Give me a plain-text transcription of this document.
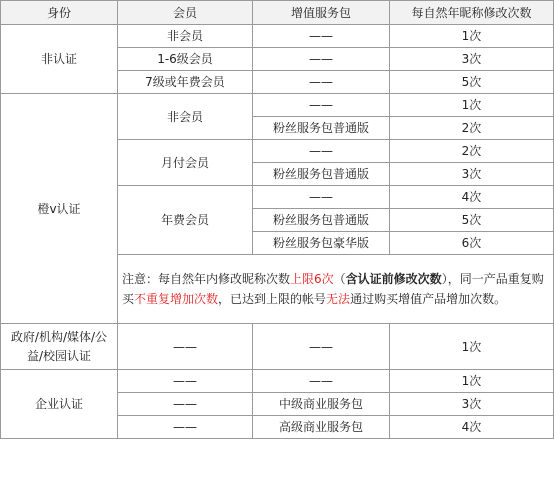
身份	会员	增值服务包	每自然年昵称修改次数
非认证	非会员	——	1次
	1-6级会员	——	3次
	7级或年费会员	——	5次
橙v认证	非会员	——	1次
		粉丝服务包普通版	2次
	月付会员	——	2次
		粉丝服务包普通版	3次
	年费会员	——	4次
		粉丝服务包普通版	5次
		粉丝服务包豪华版	6次
	注意：每自然年内修改昵称次数上限6次（含认证前修改次数），同一产品重复购买不重复增加次数，已达到上限的帐号无法通过购买增值产品增加次数。		
政府/机构/媒体/公益/校园认证	——	——	1次
企业认证	——	——	1次
	——	中级商业服务包	3次
	——	高级商业服务包	4次
